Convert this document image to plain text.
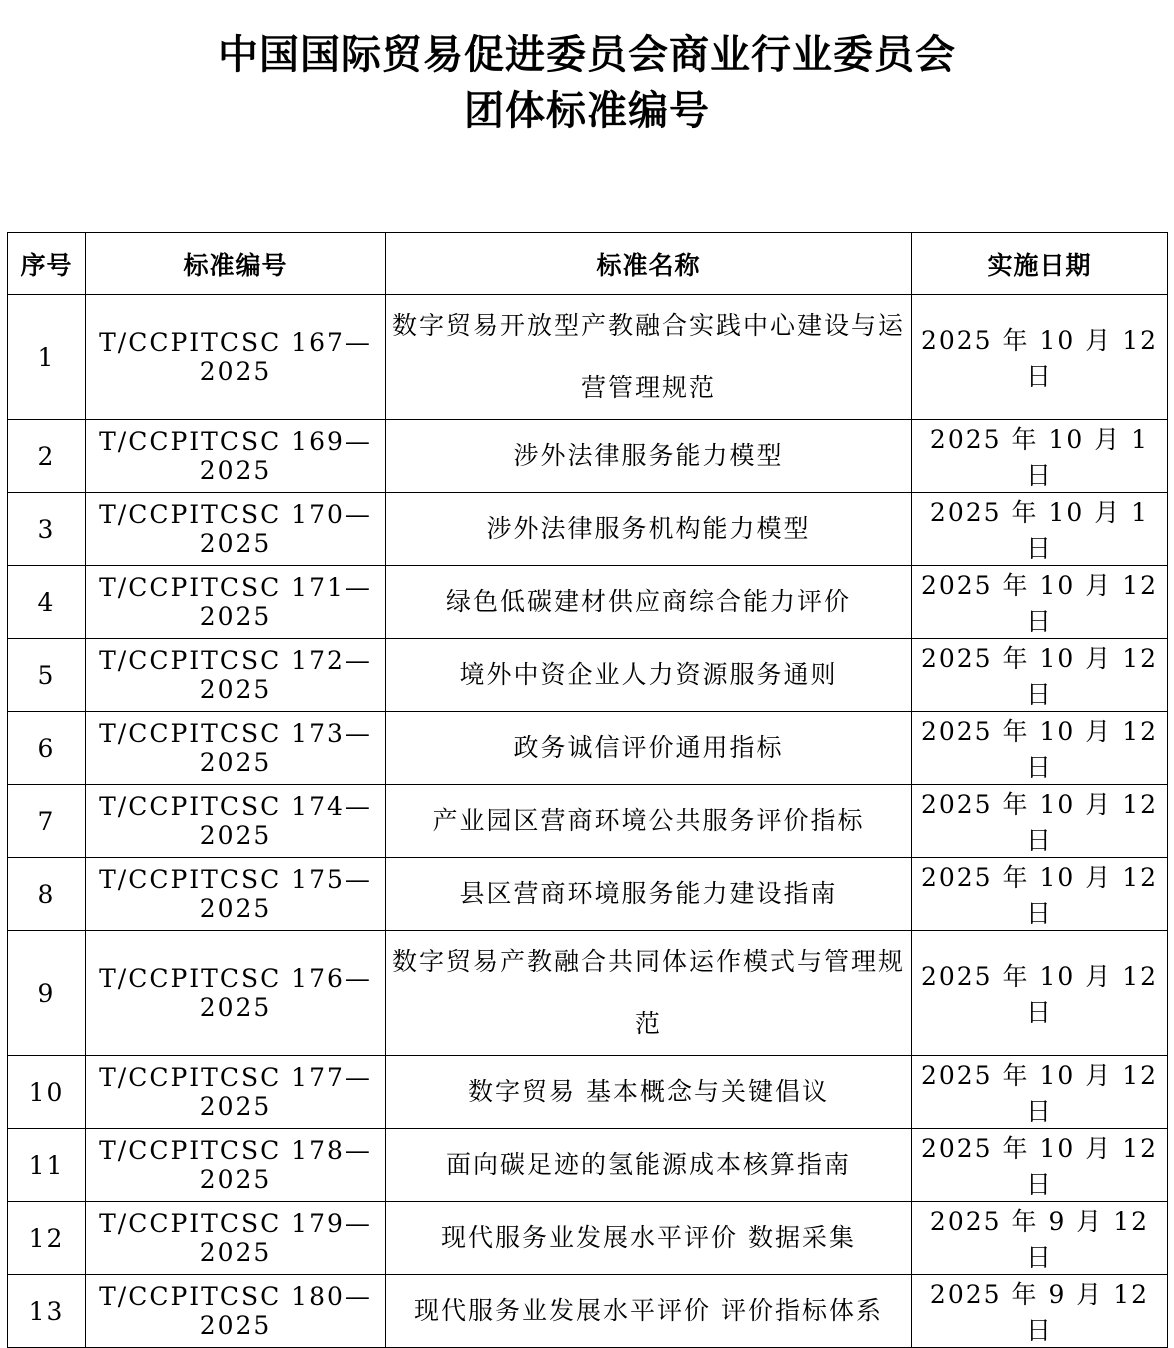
中国国际贸易促进委员会商业行业委员会
团体标准编号
序号	标准编号	标准名称	实施日期
1	T/CCPITCSC 167—2025	数字贸易开放型产教融合实践中心建设与运营管理规范	2025 年 10 月 12 日
2	T/CCPITCSC 169—2025	涉外法律服务能力模型	2025 年 10 月 1 日
3	T/CCPITCSC 170—2025	涉外法律服务机构能力模型	2025 年 10 月 1 日
4	T/CCPITCSC 171—2025	绿色低碳建材供应商综合能力评价	2025 年 10 月 12 日
5	T/CCPITCSC 172—2025	境外中资企业人力资源服务通则	2025 年 10 月 12 日
6	T/CCPITCSC 173—2025	政务诚信评价通用指标	2025 年 10 月 12 日
7	T/CCPITCSC 174—2025	产业园区营商环境公共服务评价指标	2025 年 10 月 12 日
8	T/CCPITCSC 175—2025	县区营商环境服务能力建设指南	2025 年 10 月 12 日
9	T/CCPITCSC 176—2025	数字贸易产教融合共同体运作模式与管理规范	2025 年 10 月 12 日
10	T/CCPITCSC 177—2025	数字贸易 基本概念与关键倡议	2025 年 10 月 12 日
11	T/CCPITCSC 178—2025	面向碳足迹的氢能源成本核算指南	2025 年 10 月 12 日
12	T/CCPITCSC 179—2025	现代服务业发展水平评价 数据采集	2025 年 9 月 12 日
13	T/CCPITCSC 180—2025	现代服务业发展水平评价 评价指标体系	2025 年 9 月 12 日
